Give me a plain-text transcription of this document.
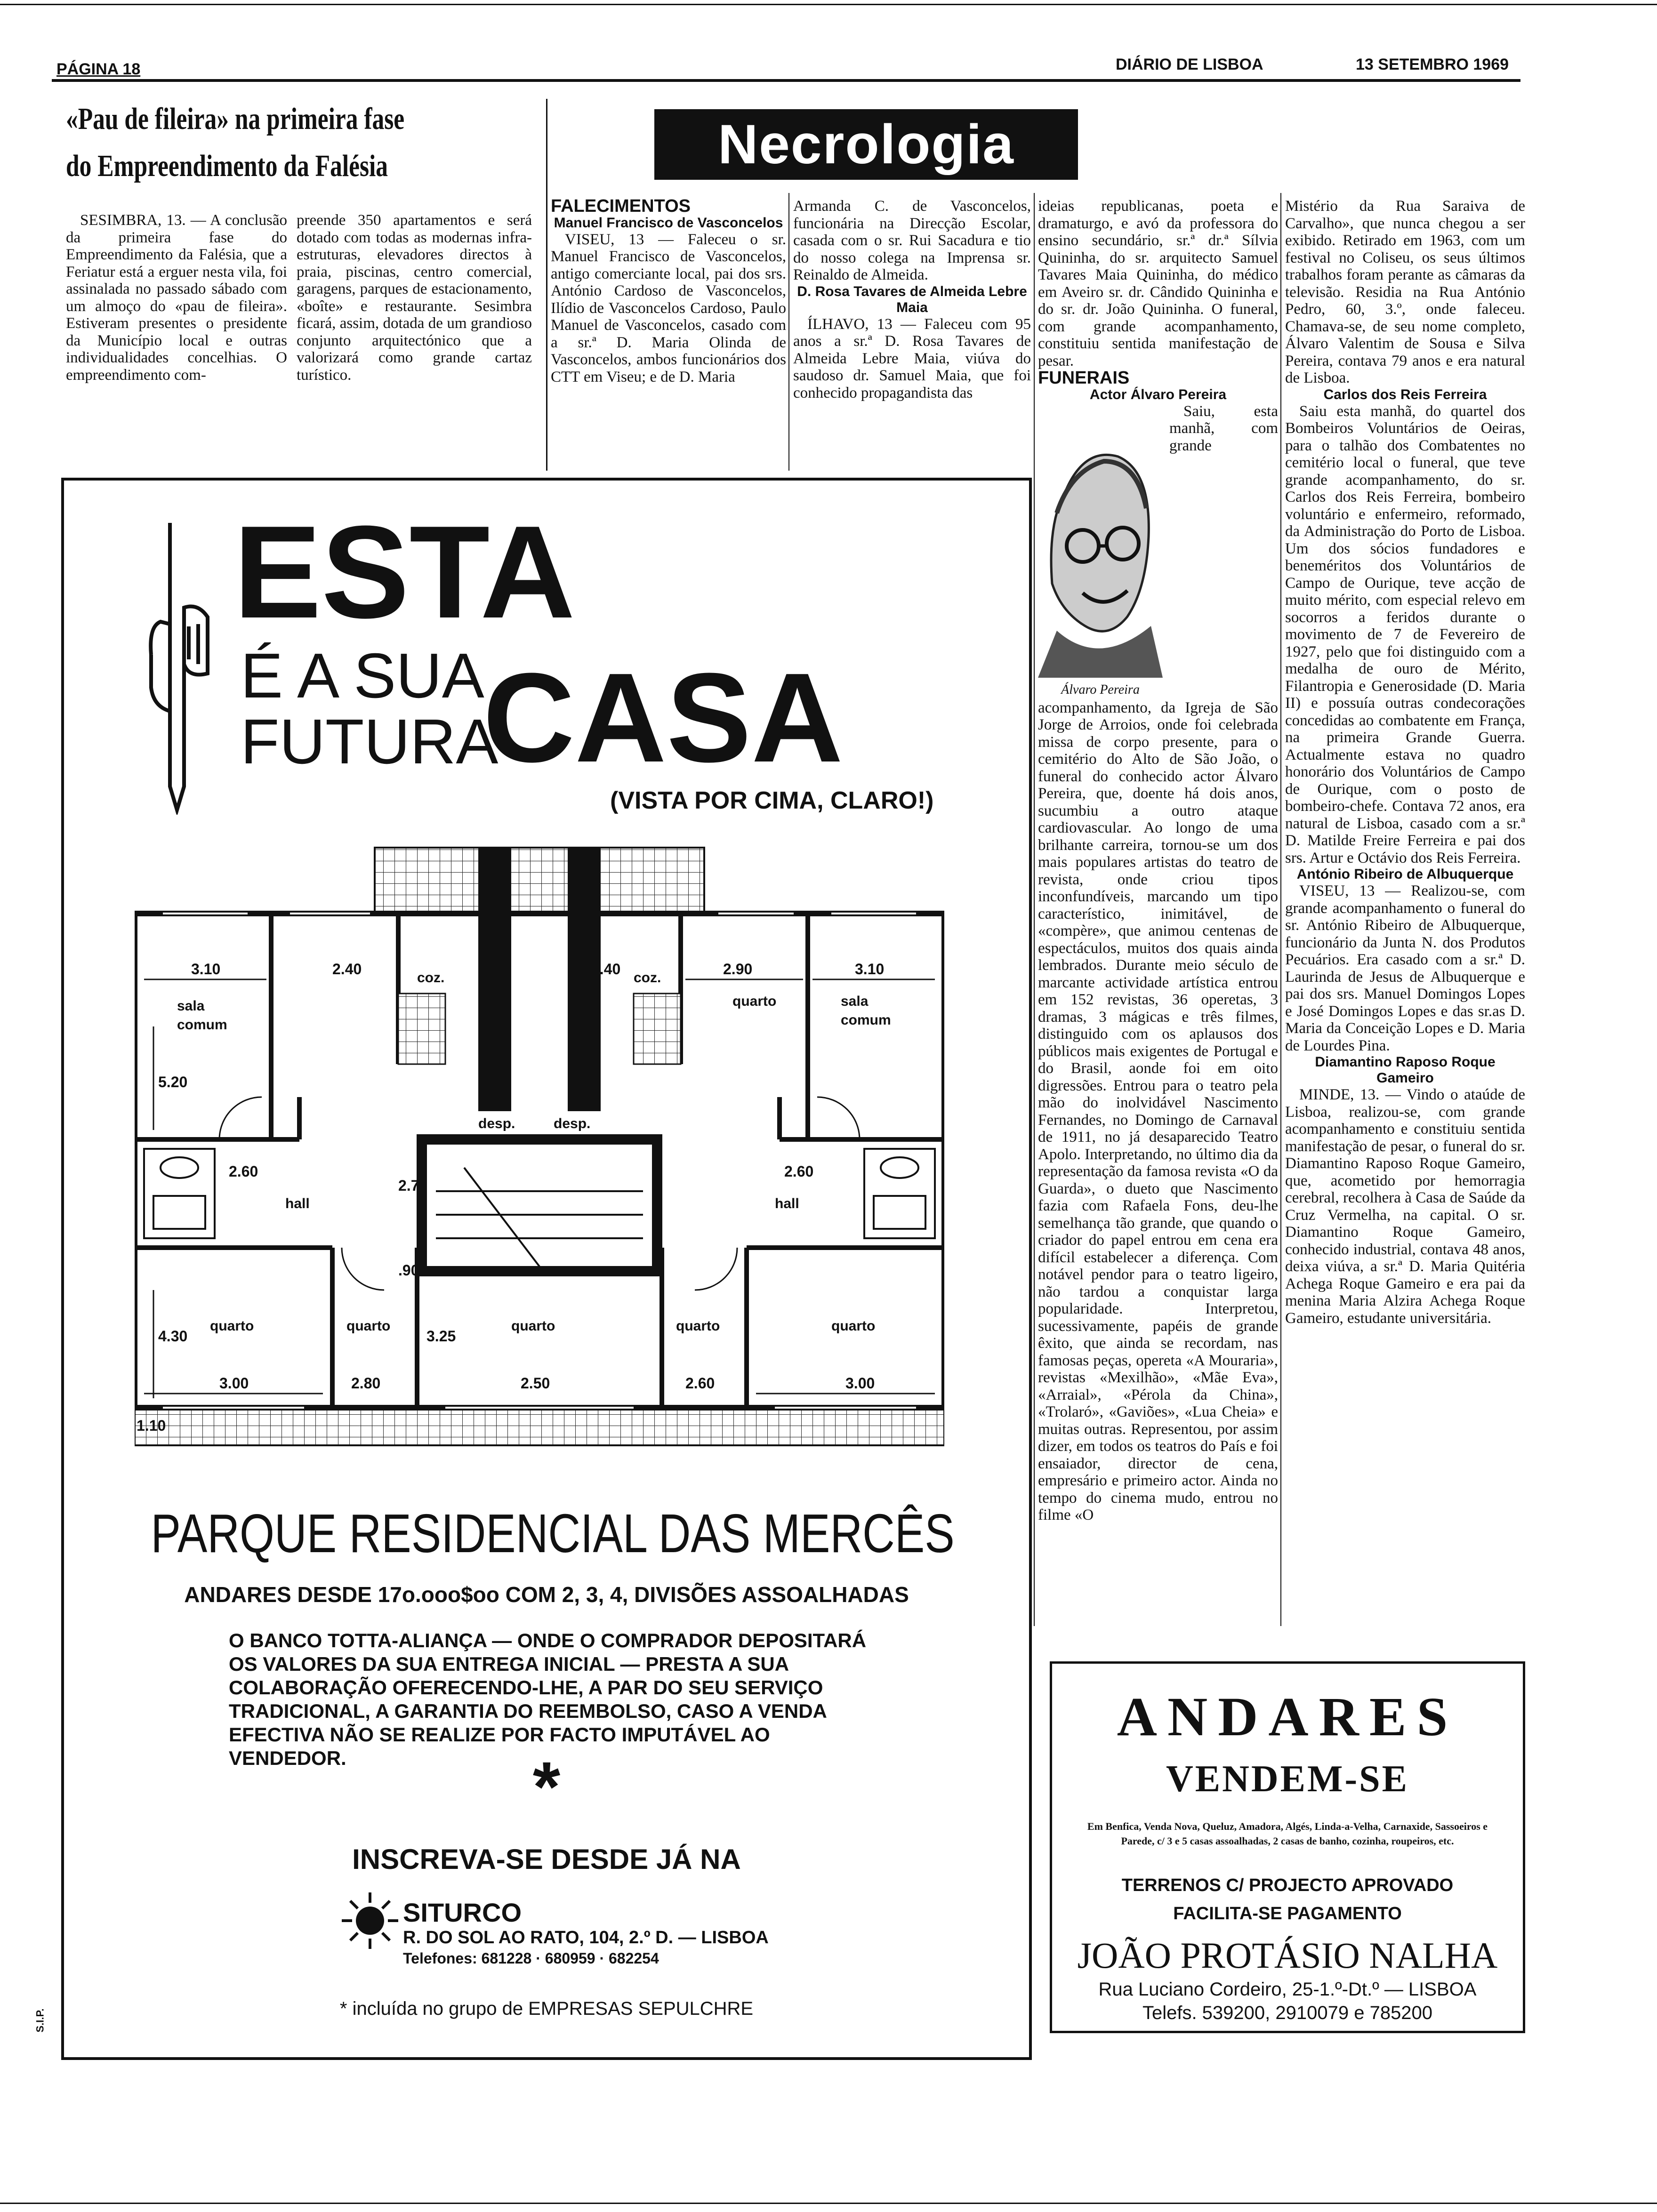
PÁGINA 18	DIÁRIO DE LISBOA	13 SETEMBRO 1969
«Pau de fileira» na primeira fase
do Empreendimento da Falésia

SESIMBRA, 13. — A conclusão da primeira fase do Empreendimento da Falésia, que a Feriatur está a erguer nesta vila, foi assinalada no passado sábado com um almoço do «pau de fileira». Estiveram presentes o presidente da Município local e outras individualidades concelhias. O empreendimento com-

preende 350 apartamentos e será dotado com todas as modernas infra-estruturas, elevadores directos à praia, piscinas, centro comercial, garagens, parques de estacionamento, «boîte» e restaurante. Sesimbra ficará, assim, dotada de um grandioso conjunto arquitectónico que a valorizará como grande cartaz turístico.

Necrologia

FALECIMENTOS

Manuel Francisco de Vasconcelos

VISEU, 13 — Faleceu o sr. Manuel Francisco de Vasconcelos, antigo comerciante local, pai dos srs. António Cardoso de Vasconcelos, Ilídio de Vasconcelos Cardoso, Paulo Manuel de Vasconcelos, casado com a sr.ª D. Maria Olinda de Vasconcelos, ambos funcionários dos CTT em Viseu; e de D. Maria

Armanda C. de Vasconcelos, funcionária na Direcção Escolar, casada com o sr. Rui Sacadura e tio do nosso colega na Imprensa sr. Reinaldo de Almeida.

D. Rosa Tavares de Almeida Lebre Maia

ÍLHAVO, 13 — Faleceu com 95 anos a sr.ª D. Rosa Tavares de Almeida Lebre Maia, viúva do saudoso dr. Samuel Maia, que foi conhecido propagandista das

ideias republicanas, poeta e dramaturgo, e avó da professora do ensino secundário, sr.ª dr.ª Sílvia Quininha, do sr. arquitecto Samuel Tavares Maia Quininha, do médico em Aveiro sr. dr. Cândido Quininha e do sr. dr. João Quininha. O funeral, com grande acompanhamento, constituiu sentida manifestação de pesar.

FUNERAIS

Actor Álvaro Pereira

Álvaro Pereira

Saiu, esta manhã, com grande acompanhamento, da Igreja de São Jorge de Arroios, onde foi celebrada missa de corpo presente, para o cemitério do Alto de São João, o funeral do conhecido actor Álvaro Pereira, que, doente há dois anos, sucumbiu a outro ataque cardiovascular. Ao longo de uma brilhante carreira, tornou-se um dos mais populares artistas do teatro de revista, onde criou tipos inconfundíveis, marcando um tipo característico, inimitável, de «compère», que animou centenas de espectáculos, muitos dos quais ainda lembrados. Durante meio século de marcante actividade artística entrou em 152 revistas, 36 operetas, 3 dramas, 3 mágicas e três filmes, distinguido com os aplausos dos públicos mais exigentes de Portugal e do Brasil, aonde foi em oito digressões. Entrou para o teatro pela mão do inolvidável Nascimento Fernandes, no Domingo de Carnaval de 1911, no já desaparecido Teatro Apolo. Interpretando, no último dia da representação da famosa revista «O da Guarda», o dueto que Nascimento fazia com Rafaela Fons, deu-lhe semelhança tão grande, que quando o criador do papel entrou em cena era difícil estabelecer a diferença. Com notável pendor para o teatro ligeiro, não tardou a conquistar larga popularidade. Interpretou, sucessivamente, papéis de grande êxito, que ainda se recordam, nas famosas peças, opereta «A Mouraria», revistas «Mexilhão», «Mãe Eva», «Arraial», «Pérola da China», «Trolaró», «Gaviões», «Lua Cheia» e muitas outras. Representou, por assim dizer, em todos os teatros do País e foi ensaiador, director de cena, empresário e primeiro actor. Ainda no tempo do cinema mudo, entrou no filme «O

Mistério da Rua Saraiva de Carvalho», que nunca chegou a ser exibido. Retirado em 1963, com um festival no Coliseu, os seus últimos trabalhos foram perante as câmaras da televisão. Residia na Rua António Pedro, 60, 3.º, onde faleceu. Chamava-se, de seu nome completo, Álvaro Valentim de Sousa e Silva Pereira, contava 79 anos e era natural de Lisboa.

Carlos dos Reis Ferreira

Saiu esta manhã, do quartel dos Bombeiros Voluntários de Oeiras, para o talhão dos Combatentes no cemitério local o funeral, que teve grande acompanhamento, do sr. Carlos dos Reis Ferreira, bombeiro voluntário e enfermeiro, reformado, da Administração do Porto de Lisboa. Um dos sócios fundadores e beneméritos dos Voluntários de Campo de Ourique, teve acção de muito mérito, com especial relevo em socorros a feridos durante o movimento de 7 de Fevereiro de 1927, pelo que foi distinguido com a medalha de ouro de Mérito, Filantropia e Generosidade (D. Maria II) e possuía outras condecorações concedidas ao combatente em França, na primeira Grande Guerra. Actualmente estava no quadro honorário dos Voluntários de Campo de Ourique, com o posto de bombeiro-chefe. Contava 72 anos, era natural de Lisboa, casado com a sr.ª D. Matilde Freire Ferreira e pai dos srs. Artur e Octávio dos Reis Ferreira.

António Ribeiro de Albuquerque

VISEU, 13 — Realizou-se, com grande acompanhamento o funeral do sr. António Ribeiro de Albuquerque, funcionário da Junta N. dos Produtos Pecuários. Era casado com a sr.ª D. Laurinda de Jesus de Albuquerque e pai dos srs. Manuel Domingos Lopes e José Domingos Lopes e das sr.as D. Maria da Conceição Lopes e D. Maria de Lourdes Pina.

Diamantino Raposo Roque Gameiro

MINDE, 13. — Vindo o ataúde de Lisboa, realizou-se, com grande acompanhamento e constituiu sentida manifestação de pesar, o funeral do sr. Diamantino Raposo Roque Gameiro, que, acometido por hemorragia cerebral, recolhera à Casa de Saúde da Cruz Vermelha, na capital. O sr. Diamantino Roque Gameiro, conhecido industrial, contava 48 anos, deixa viúva, a sr.ª D. Maria Quitéria Achega Roque Gameiro e era pai da menina Maria Alzira Achega Roque Gameiro, estudante universitária.

ESTA
É A SUA
FUTURA
CASA
(VISTA POR CIMA, CLARO!)
sala
comum
sala
comum
quarto
hall	hall
desp.	desp.
coz.	coz.
quarto	quarto	quarto	quarto	quarto
3.10	2.40	2.40	2.90	3.10
5.20
2.60	2.60
4.30
3.00	2.80	2.50	2.60	3.00
3.25
2.70
.90
1.10
PARQUE RESIDENCIAL DAS MERCÊS
ANDARES DESDE 17o.ooo$oo COM 2, 3, 4, DIVISÕES ASSOALHADAS
O BANCO TOTTA-ALIANÇA — ONDE O COMPRADOR DEPOSITARÁ OS VALORES DA SUA ENTREGA INICIAL — PRESTA A SUA COLABORAÇÃO OFERECENDO-LHE, A PAR DO SEU SERVIÇO TRADICIONAL, A GARANTIA DO REEMBOLSO, CASO A VENDA EFECTIVA NÃO SE REALIZE POR FACTO IMPUTÁVEL AO VENDEDOR.	*
INSCREVA-SE DESDE JÁ NA
SITURCO
R. DO SOL AO RATO, 104, 2.º D. — LISBOA
Telefones: 681228 · 680959 · 682254
* incluída no grupo de EMPRESAS SEPULCHRE
ANDARES
VENDEM-SE
Em Benfica, Venda Nova, Queluz, Amadora, Algés, Linda-a-Velha, Carnaxide, Sassoeiros e Parede, c/ 3 e 5 casas assoalhadas, 2 casas de banho, cozinha, roupeiros, etc.
TERRENOS C/ PROJECTO APROVADO
FACILITA-SE PAGAMENTO
JOÃO PROTÁSIO NALHA
Rua Luciano Cordeiro, 25-1.º-Dt.º — LISBOA
Telefs. 539200, 2910079 e 785200
S.I.P.
